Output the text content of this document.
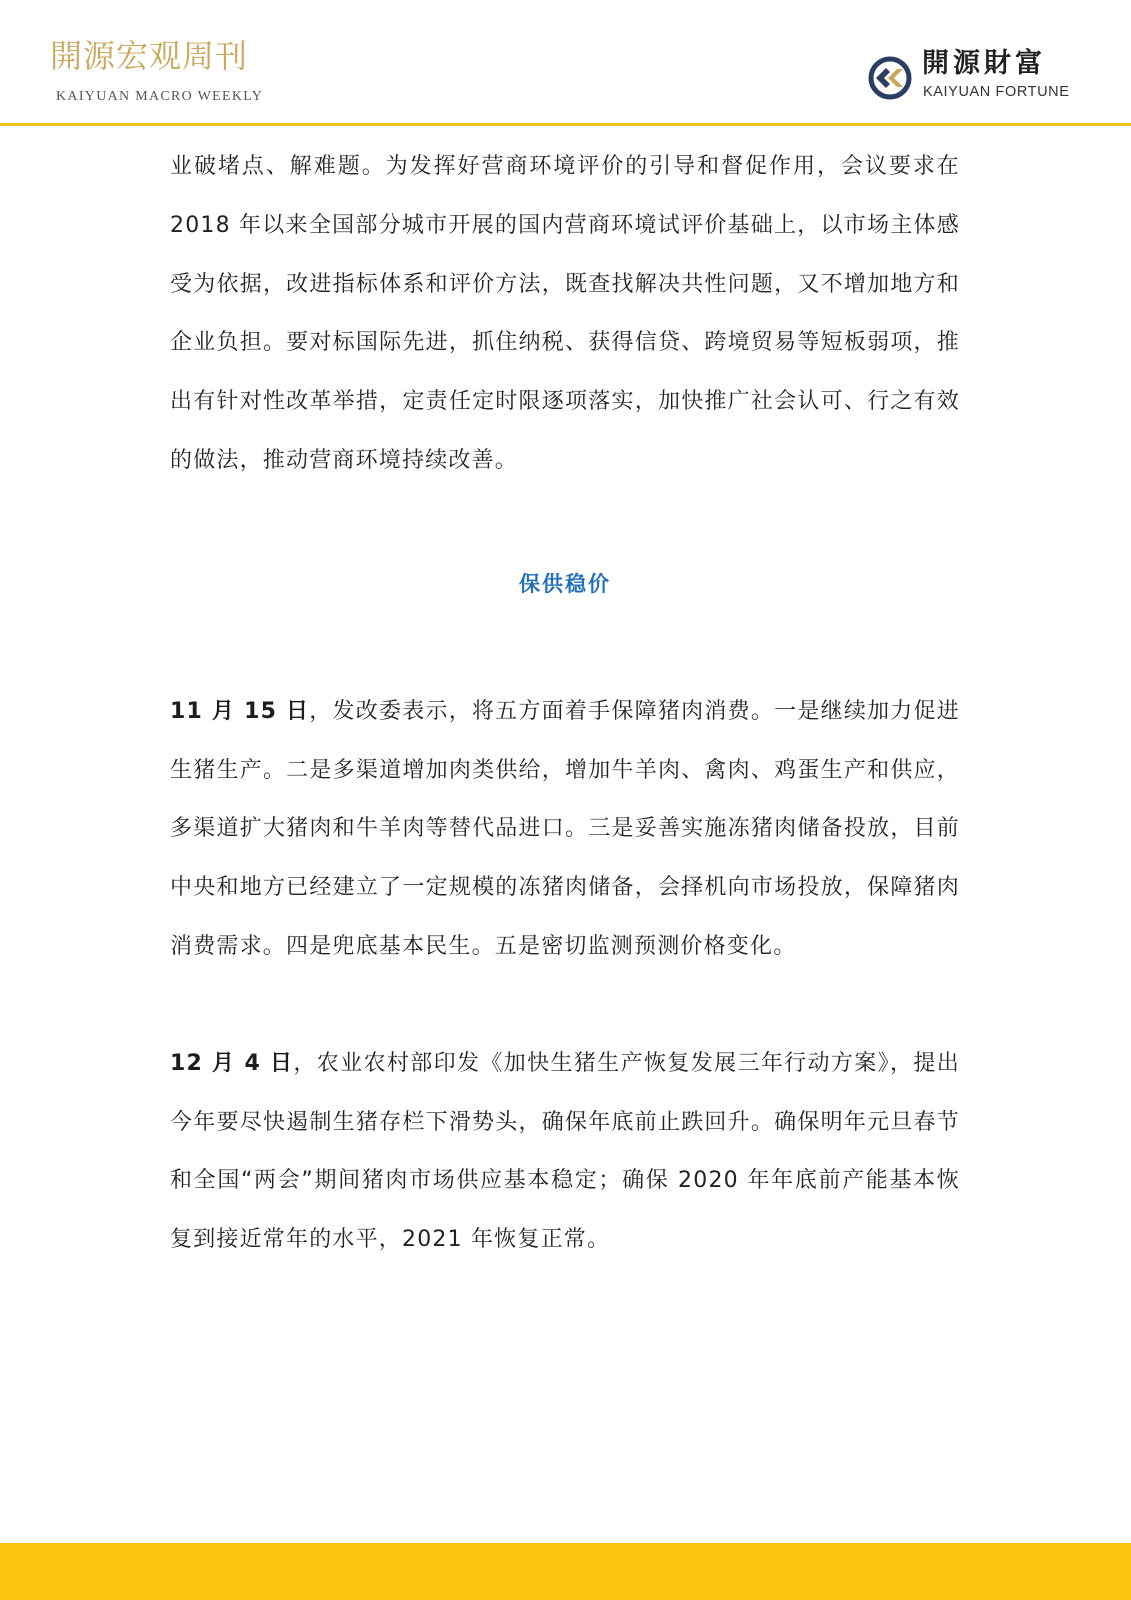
開源宏观周刊
KAIYUAN MACRO WEEKLY
開源財富
KAIYUAN FORTUNE

业破堵点、解难题。为发挥好营商环境评价的引导和督促作用，会议要求在 2018 年以来全国部分城市开展的国内营商环境试评价基础上，以市场主体感受为依据，改进指标体系和评价方法，既查找解决共性问题，又不增加地方和企业负担。要对标国际先进，抓住纳税、获得信贷、跨境贸易等短板弱项，推出有针对性改革举措，定责任定时限逐项落实，加快推广社会认可、行之有效的做法，推动营商环境持续改善。

保供稳价

11 月 15 日，发改委表示，将五方面着手保障猪肉消费。一是继续加力促进生猪生产。二是多渠道增加肉类供给，增加牛羊肉、禽肉、鸡蛋生产和供应，多渠道扩大猪肉和牛羊肉等替代品进口。三是妥善实施冻猪肉储备投放，目前中央和地方已经建立了一定规模的冻猪肉储备，会择机向市场投放，保障猪肉消费需求。四是兜底基本民生。五是密切监测预测价格变化。

12 月 4 日，农业农村部印发《加快生猪生产恢复发展三年行动方案》，提出今年要尽快遏制生猪存栏下滑势头，确保年底前止跌回升。确保明年元旦春节和全国“两会”期间猪肉市场供应基本稳定；确保 2020 年年底前产能基本恢复到接近常年的水平，2021 年恢复正常。
